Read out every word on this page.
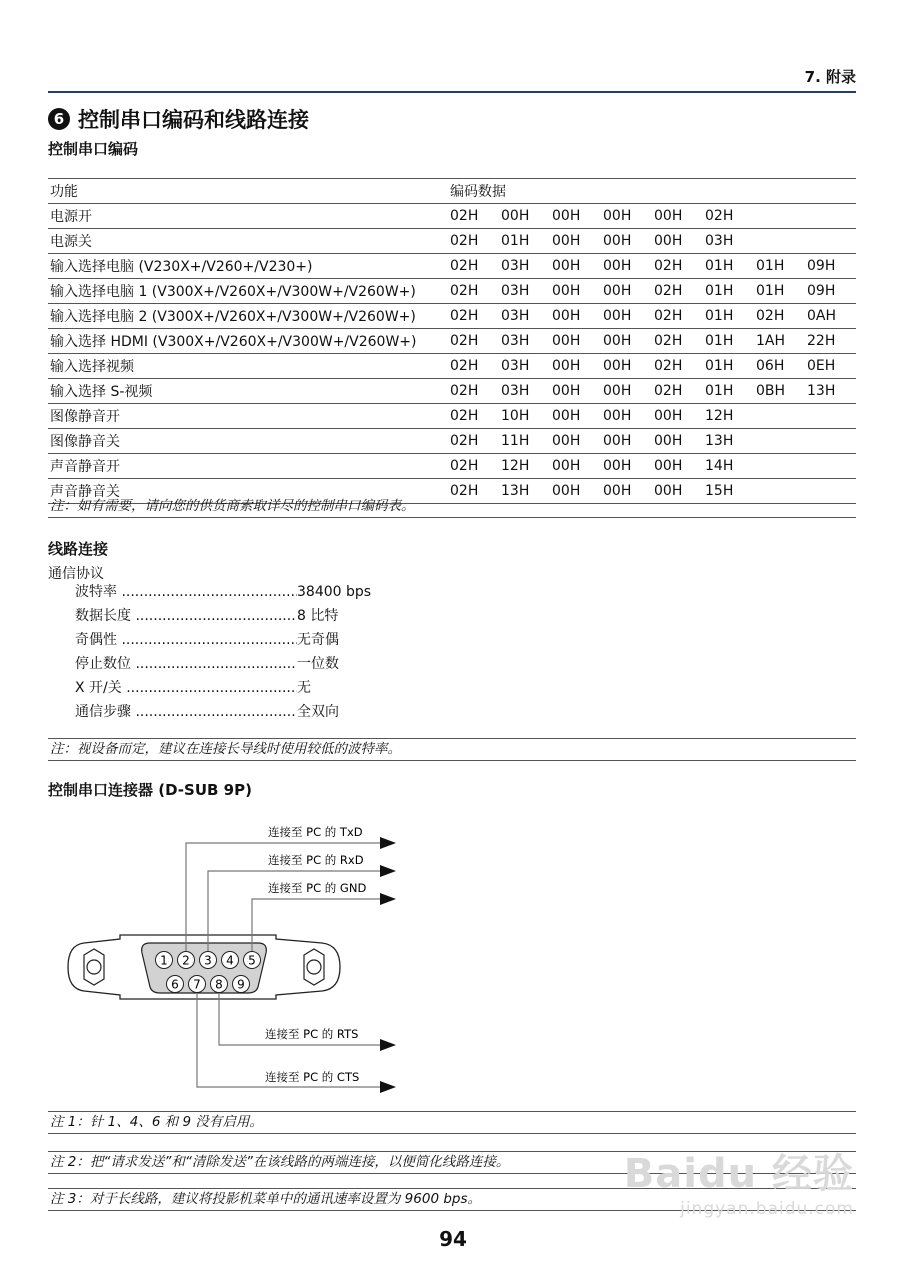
7. 附录
6 控制串口编码和线路连接
控制串口编码
功能	编码数据							
电源开	02H	00H	00H	00H	00H	02H		
电源关	02H	01H	00H	00H	00H	03H		
输入选择电脑 (V230X+/V260+/V230+)	02H	03H	00H	00H	02H	01H	01H	09H
输入选择电脑 1 (V300X+/V260X+/V300W+/V260W+)	02H	03H	00H	00H	02H	01H	01H	09H
输入选择电脑 2 (V300X+/V260X+/V300W+/V260W+)	02H	03H	00H	00H	02H	01H	02H	0AH
输入选择 HDMI (V300X+/V260X+/V300W+/V260W+)	02H	03H	00H	00H	02H	01H	1AH	22H
输入选择视频	02H	03H	00H	00H	02H	01H	06H	0EH
输入选择 S-视频	02H	03H	00H	00H	02H	01H	0BH	13H
图像静音开	02H	10H	00H	00H	00H	12H		
图像静音关	02H	11H	00H	00H	00H	13H		
声音静音开	02H	12H	00H	00H	00H	14H		
声音静音关	02H	13H	00H	00H	00H	15H		
注：如有需要，请向您的供货商索取详尽的控制串口编码表。
线路连接
通信协议
波特率 .....	38400 bps
数据长度 .....	8 比特
奇偶性 .....	无奇偶
停止数位 .....	一位数
X 开/关 .....	无
通信步骤 .....	全双向
注：视设备而定，建议在连接长导线时使用较低的波特率。
控制串口连接器 (D-SUB 9P)
1 2 3 4 5
6 7 8 9
连接至 PC 的 TxD
连接至 PC 的 RxD
连接至 PC 的 GND
连接至 PC 的 RTS
连接至 PC 的 CTS
注 1：针 1、4、6 和 9 没有启用。
注 2：把“请求发送”和“清除发送”在该线路的两端连接，以便简化线路连接。
注 3：对于长线路，建议将投影机菜单中的通讯速率设置为 9600 bps。
94
Baidu 经验
jingyan.baidu.com
